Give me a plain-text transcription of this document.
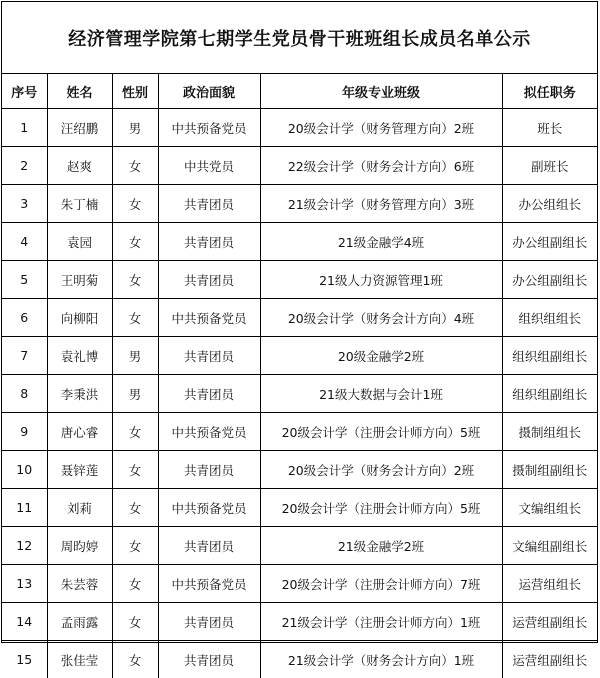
经济管理学院第七期学生党员骨干班班组长成员名单公示
序号	姓名	性别	政治面貌	年级专业班级	拟任职务
1	汪绍鹏	男	中共预备党员	20级会计学（财务管理方向）2班	班长
2	赵爽	女	中共党员	22级会计学（财务会计方向）6班	副班长
3	朱丁楠	女	共青团员	21级会计学（财务管理方向）3班	办公组组长
4	袁园	女	共青团员	21级金融学4班	办公组副组长
5	王明菊	女	共青团员	21级人力资源管理1班	办公组副组长
6	向柳阳	女	中共预备党员	20级会计学（财务会计方向）4班	组织组组长
7	袁礼博	男	共青团员	20级金融学2班	组织组副组长
8	李秉洪	男	共青团员	21级大数据与会计1班	组织组副组长
9	唐心睿	女	中共预备党员	20级会计学（注册会计师方向）5班	摄制组组长
10	聂锌莲	女	共青团员	20级会计学（财务会计方向）2班	摄制组副组长
11	刘莉	女	中共预备党员	20级会计学（注册会计师方向）5班	文编组组长
12	周昀婷	女	共青团员	21级金融学2班	文编组副组长
13	朱芸蓉	女	中共预备党员	20级会计学（注册会计师方向）7班	运营组组长
14	孟雨露	女	共青团员	21级会计学（注册会计师方向）1班	运营组副组长
15	张佳莹	女	共青团员	21级会计学（财务会计方向）1班	运营组副组长
